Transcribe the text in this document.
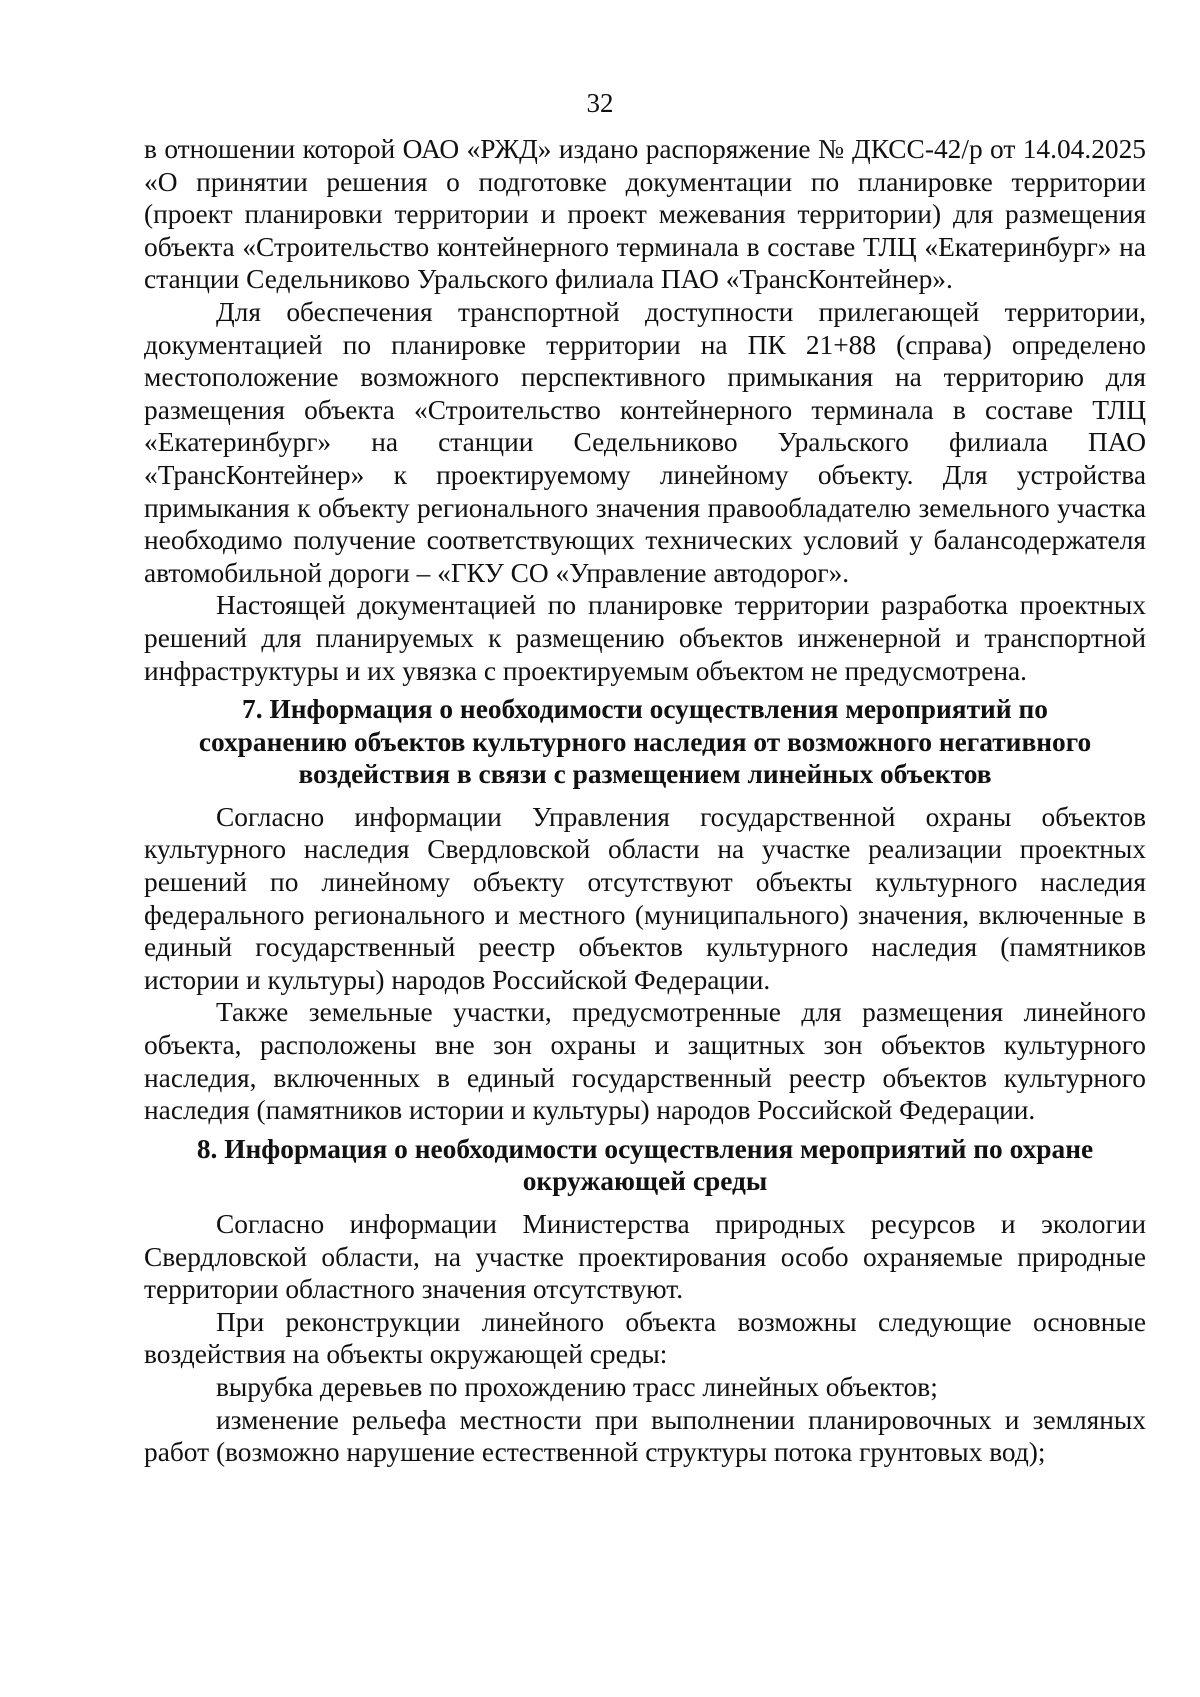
32

в отношении которой ОАО «РЖД» издано распоряжение № ДКСС-42/р от 14.04.2025 «О принятии решения о подготовке документации по планировке территории (проект планировки территории и проект межевания территории) для размещения объекта «Строительство контейнерного терминала в составе ТЛЦ «Екатеринбург» на станции Седельниково Уральского филиала ПАО «ТрансКонтейнер».

Для обеспечения транспортной доступности прилегающей территории, документацией по планировке территории на ПК 21+88 (справа) определено местоположение возможного перспективного примыкания на территорию для размещения объекта «Строительство контейнерного терминала в составе ТЛЦ «Екатеринбург» на станции Седельниково Уральского филиала ПАО «ТрансКонтейнер» к проектируемому линейному объекту. Для устройства примыкания к объекту регионального значения правообладателю земельного участка необходимо получение соответствующих технических условий у балансодержателя автомобильной дороги – «ГКУ СО «Управление автодорог».

Настоящей документацией по планировке территории разработка проектных решений для планируемых к размещению объектов инженерной и транспортной инфраструктуры и их увязка с проектируемым объектом не предусмотрена.

7. Информация о необходимости осуществления мероприятий по сохранению объектов культурного наследия от возможного негативного воздействия в связи с размещением линейных объектов

Согласно информации Управления государственной охраны объектов культурного наследия Свердловской области на участке реализации проектных решений по линейному объекту отсутствуют объекты культурного наследия федерального регионального и местного (муниципального) значения, включенные в единый государственный реестр объектов культурного наследия (памятников истории и культуры) народов Российской Федерации.

Также земельные участки, предусмотренные для размещения линейного объекта, расположены вне зон охраны и защитных зон объектов культурного наследия, включенных в единый государственный реестр объектов культурного наследия (памятников истории и культуры) народов Российской Федерации.

8. Информация о необходимости осуществления мероприятий по охране окружающей среды

Согласно информации Министерства природных ресурсов и экологии Свердловской области, на участке проектирования особо охраняемые природные территории областного значения отсутствуют.

При реконструкции линейного объекта возможны следующие основные воздействия на объекты окружающей среды:

вырубка деревьев по прохождению трасс линейных объектов;

изменение рельефа местности при выполнении планировочных и земляных работ (возможно нарушение естественной структуры потока грунтовых вод);
